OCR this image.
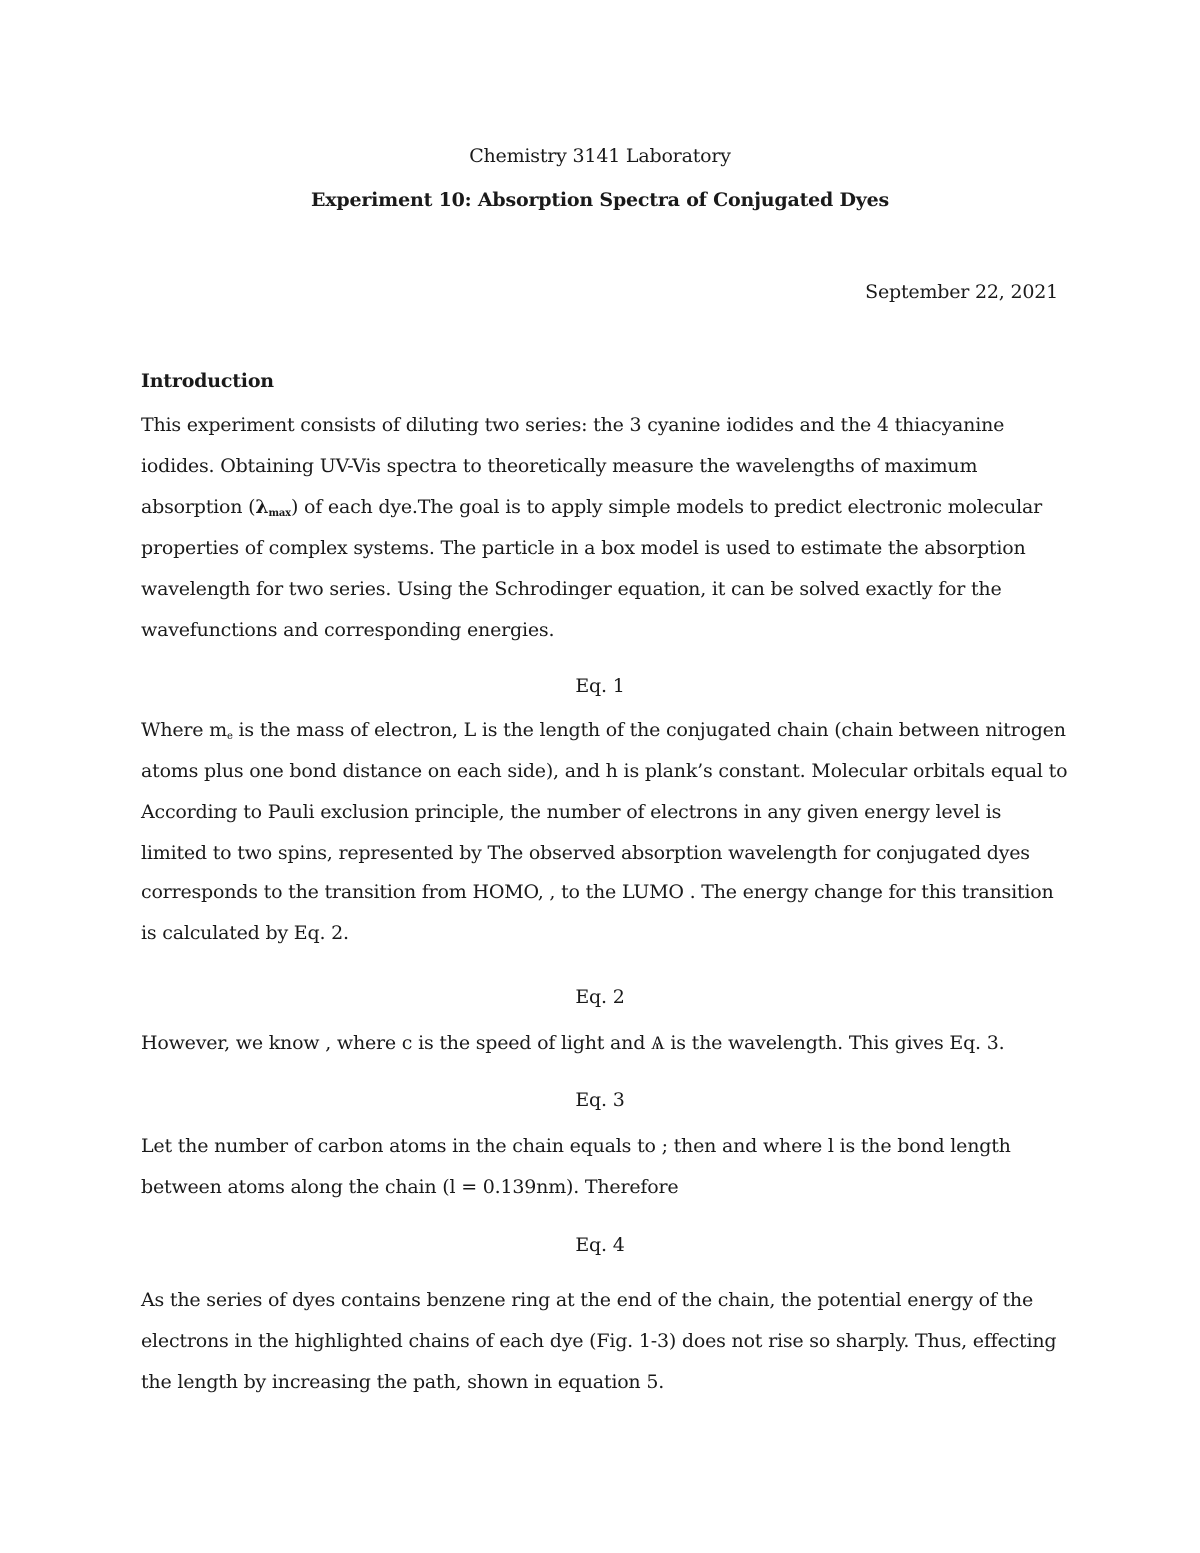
Chemistry 3141 Laboratory
Experiment 10: Absorption Spectra of Conjugated Dyes
September 22, 2021
Introduction
This experiment consists of diluting two series: the 3 cyanine iodides and the 4 thiacyanine
iodides. Obtaining UV-Vis spectra to theoretically measure the wavelengths of maximum
absorption $(\lambda_{max})$ of each dye.The goal is to apply simple models to predict electronic molecular
properties of complex systems. The particle in a box model is used to estimate the absorption
wavelength for two series. Using the Schrodinger equation, it can be solved exactly for the
wavefunctions and corresponding energies.
Eq. 1
Where $m_e$ is the mass of electron, L is the length of the conjugated chain (chain between nitrogen
atoms plus one bond distance on each side), and h is plank’s constant. Molecular orbitals equal to
According to Pauli exclusion principle, the number of electrons in any given energy level is
limited to two spins, represented by The observed absorption wavelength for conjugated dyes
corresponds to the transition from HOMO, , to the LUMO . The energy change for this transition
is calculated by Eq. 2.
Eq. 2
However, we know , where c is the speed of light and Ѧ is the wavelength. This gives Eq. 3.
Eq. 3
Let the number of carbon atoms in the chain equals to ; then and where l is the bond length
between atoms along the chain (l = 0.139nm). Therefore
Eq. 4
As the series of dyes contains benzene ring at the end of the chain, the potential energy of the
electrons in the highlighted chains of each dye (Fig. 1-3) does not rise so sharply. Thus, effecting
the length by increasing the path, shown in equation 5.
